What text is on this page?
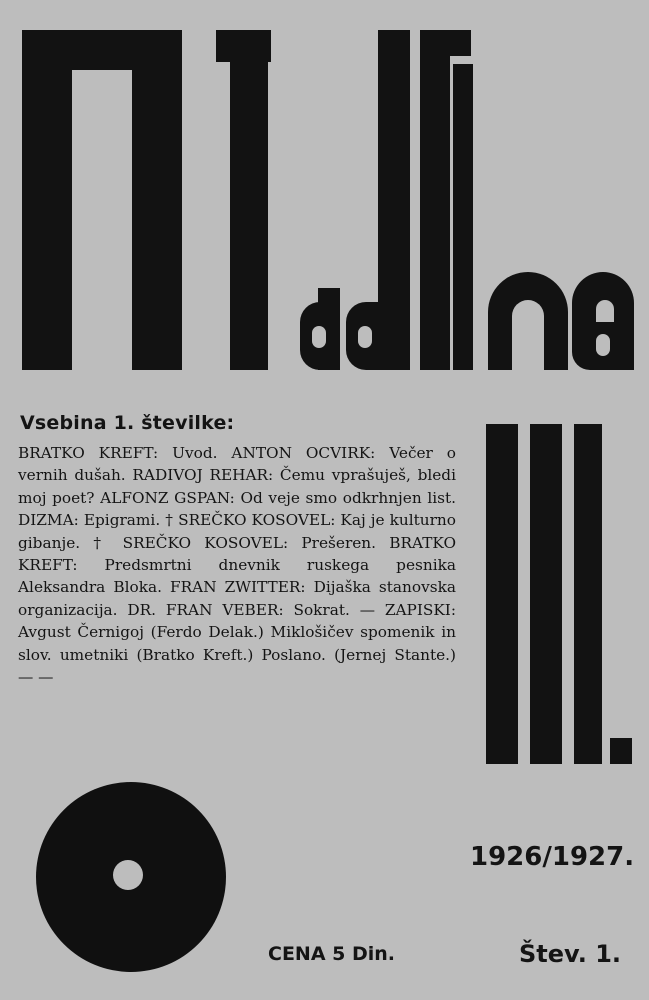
Vsebina 1. številke:

BRATKO KREFT: Uvod. ANTON OCVIRK: Večer o vernih dušah. RADIVOJ REHAR: Čemu vprašuješ, bledi moj poet? ALFONZ GSPAN: Od veje smo odkrhnjen list. DIZMA: Epigrami. † SREČKO KOSOVEL: Kaj je kulturno gibanje. † SREČKO KOSOVEL: Prešeren. BRATKO KREFT: Predsmrtni dnevnik ruskega pesnika Aleksandra Bloka. FRAN ZWITTER: Dijaška stanovska organizacija. DR. FRAN VEBER: Sokrat. — ZAPISKI: Avgust Černigoj (Ferdo Delak.) Miklošičev spomenik in slov. umetniki (Bratko Kreft.) Poslano. (Jernej Stante.) — —

1926/1927.
CENA 5 Din.	Štev. 1.
